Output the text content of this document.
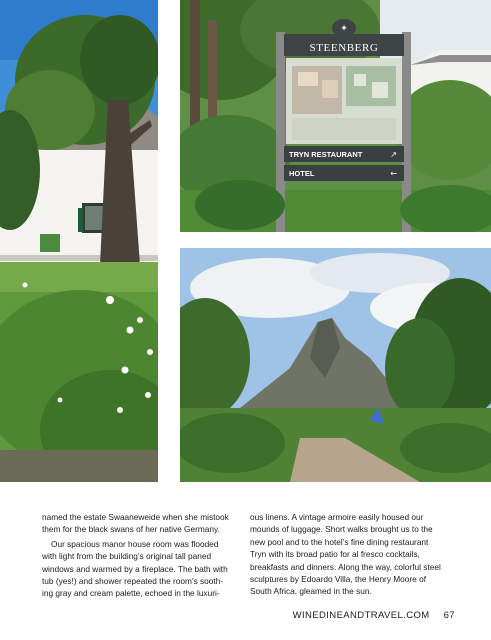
✦
STEENBERG
TRYN RESTAURANT	↗
HOTEL	←

named the estate Swaaneweide when she mistook them for the black swans of her native Germany.

Our spacious manor house room was flooded with light from the building’s original tall paned windows and warmed by a fireplace. The bath with tub (yes!) and shower repeated the room’s sooth- ing gray and cream palette, echoed in the luxuri-

ous linens. A vintage armoire easily housed our mounds of luggage. Short walks brought us to the new pool and to the hotel’s fine dining restaurant Tryn with its broad patio for al fresco cocktails, breakfasts and dinners. Along the way, colorful steel sculptures by Edoardo Villa, the Henry Moore of South Africa, gleamed in the sun.

WINEDINEANDTRAVEL.COM 67
